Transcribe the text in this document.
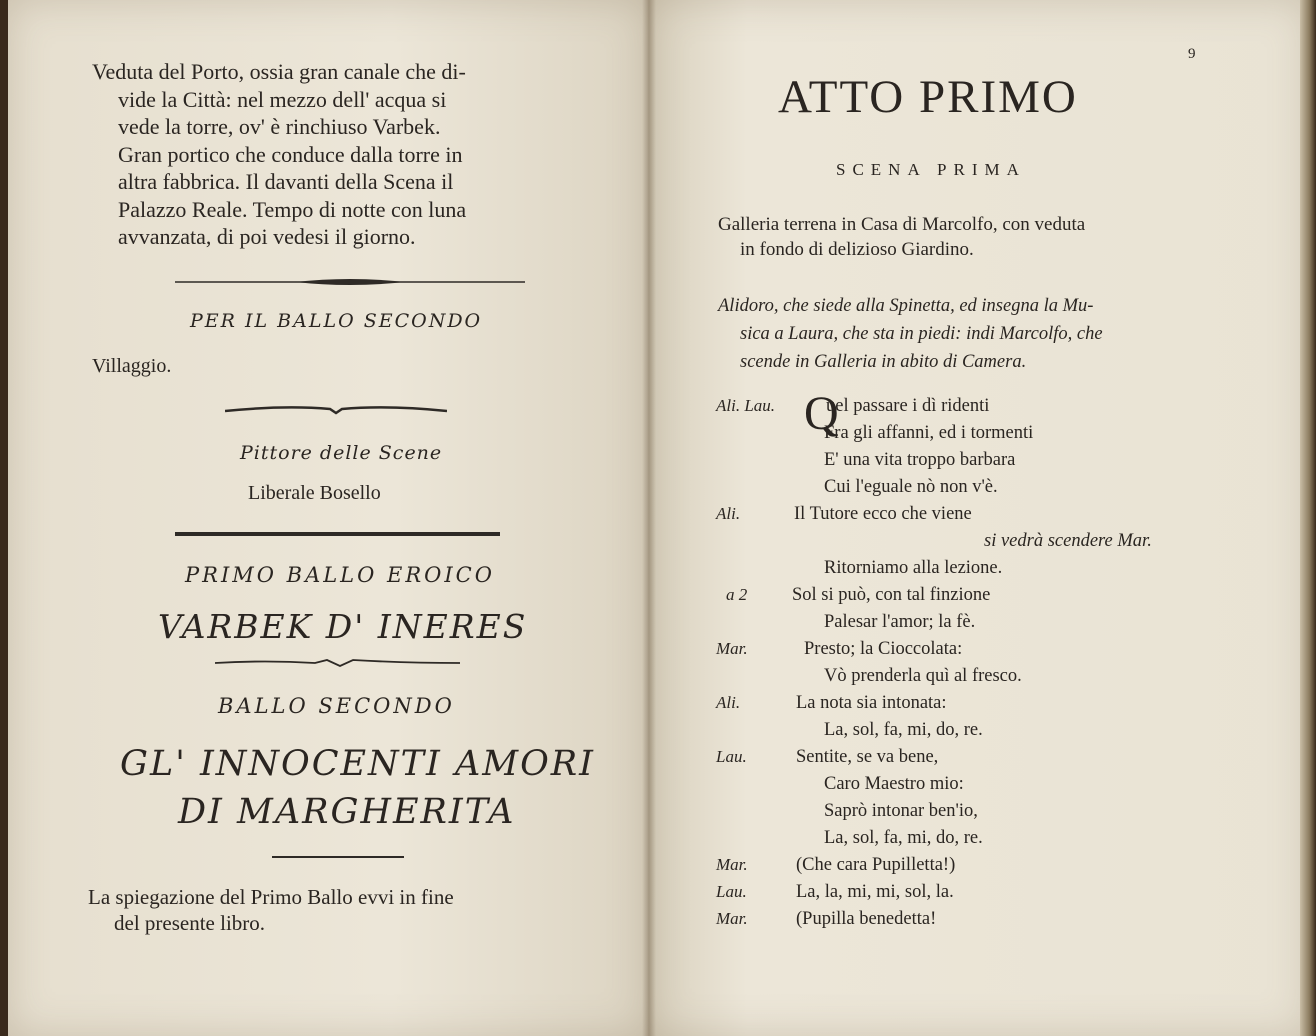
Veduta del Porto, ossia gran canale che di-
vide la Città: nel mezzo dell' acqua si
vede la torre, ov' è rinchiuso Varbek.
Gran portico che conduce dalla torre in
altra fabbrica. Il davanti della Scena il
Palazzo Reale. Tempo di notte con luna
avvanzata, di poi vedesi il giorno.
PER IL BALLO SECONDO
Villaggio.
Pittore delle Scene
Liberale Bosello
PRIMO BALLO EROICO
VARBEK D' INERES
BALLO SECONDO
GL' INNOCENTI AMORI
DI MARGHERITA
La spiegazione del Primo Ballo evvi in fine
del presente libro.
9
ATTO PRIMO
SCENA PRIMA
Galleria terrena in Casa di Marcolfo, con veduta
in fondo di delizioso Giardino.
Alidoro, che siede alla Spinetta, ed insegna la Mu-
sica a Laura, che sta in piedi: indi Marcolfo, che
scende in Galleria in abito di Camera.
Ali. Lau. Q
uel passare i dì ridenti
Fra gli affanni, ed i tormenti
E' una vita troppo barbara
Cui l'eguale nò non v'è.
Ali.	Il Tutore ecco che viene
si vedrà scendere Mar.
Ritorniamo alla lezione.
a 2 Sol si può, con tal finzione
Palesar l'amor; la fè.
Mar.	Presto; la Cioccolata:
Vò prenderla quì al fresco.
Ali.	La nota sia intonata:
La, sol, fa, mi, do, re.
Lau.	Sentite, se va bene,
Caro Maestro mio:
Saprò intonar ben'io,
La, sol, fa, mi, do, re.
Mar.	(Che cara Pupilletta!)
Lau.	La, la, mi, mi, sol, la.
Mar.	(Pupilla benedetta!
